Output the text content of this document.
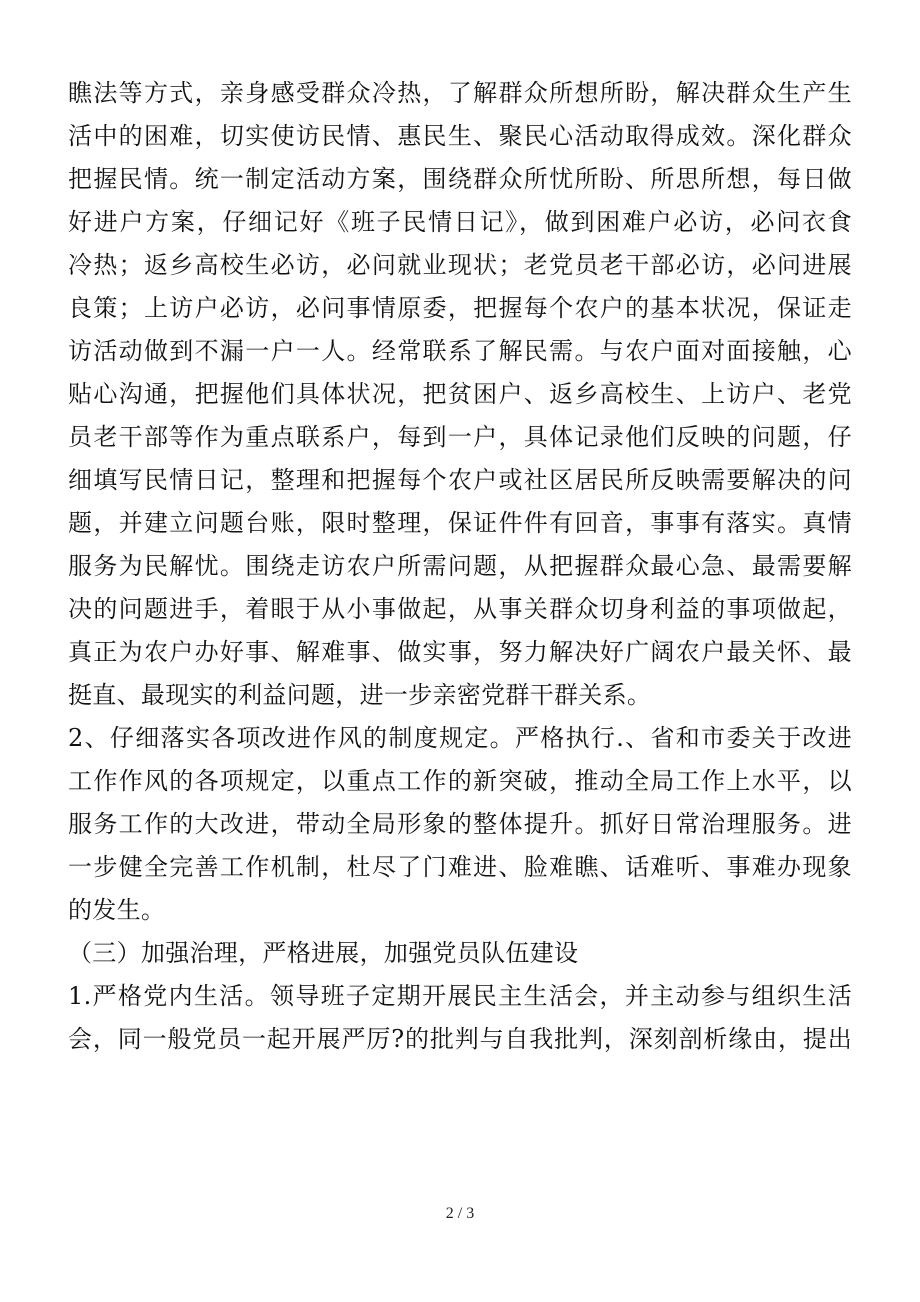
瞧法等方式，亲身感受群众冷热，了解群众所想所盼，解决群众生产生
活中的困难，切实使访民情、惠民生、聚民心活动取得成效。深化群众
把握民情。统一制定活动方案，围绕群众所忧所盼、所思所想，每日做
好进户方案，仔细记好《班子民情日记》，做到困难户必访，必问衣食
冷热；返乡高校生必访，必问就业现状；老党员老干部必访，必问进展
良策；上访户必访，必问事情原委，把握每个农户的基本状况，保证走
访活动做到不漏一户一人。经常联系了解民需。与农户面对面接触，心
贴心沟通，把握他们具体状况，把贫困户、返乡高校生、上访户、老党
员老干部等作为重点联系户，每到一户，具体记录他们反映的问题，仔
细填写民情日记，整理和把握每个农户或社区居民所反映需要解决的问
题，并建立问题台账，限时整理，保证件件有回音，事事有落实。真情
服务为民解忧。围绕走访农户所需问题，从把握群众最心急、最需要解
决的问题进手，着眼于从小事做起，从事关群众切身利益的事项做起，
真正为农户办好事、解难事、做实事，努力解决好广阔农户最关怀、最
挺直、最现实的利益问题，进一步亲密党群干群关系。
2、仔细落实各项改进作风的制度规定。严格执行.、省和市委关于改进
工作作风的各项规定，以重点工作的新突破，推动全局工作上水平，以
服务工作的大改进，带动全局形象的整体提升。抓好日常治理服务。进
一步健全完善工作机制，杜尽了门难进、脸难瞧、话难听、事难办现象
的发生。
（三）加强治理，严格进展，加强党员队伍建设
1.严格党内生活。领导班子定期开展民主生活会，并主动参与组织生活
会，同一般党员一起开展严厉?的批判与自我批判，深刻剖析缘由，提出
2 / 3
